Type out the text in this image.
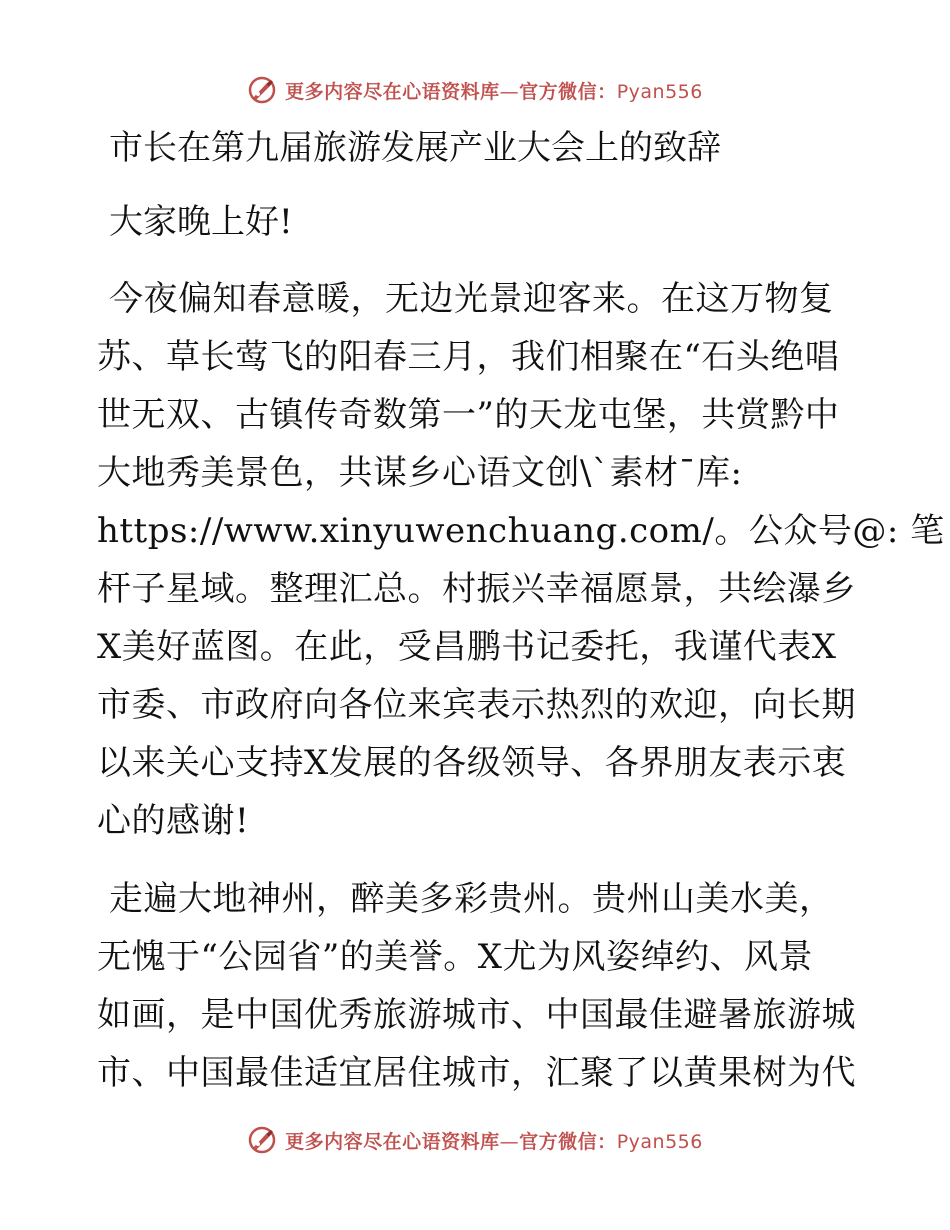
更多内容尽在心语资料库—官方微信：Pyan556
市长在第九届旅游发展产业大会上的致辞
大家晚上好!
今夜偏知春意暖，无边光景迎客来。在这万物复
苏、草长莺飞的阳春三月，我们相聚在“石头绝唱
世无双、古镇传奇数第一”的天龙屯堡，共赏黔中
大地秀美景色，共谋乡心语文创\`素材¯库:
https://www.xinyuwenchuang.com/。公众号@: 笔
杆子星域。整理汇总。村振兴幸福愿景，共绘瀑乡
X美好蓝图。在此，受昌鹏书记委托，我谨代表X
市委、市政府向各位来宾表示热烈的欢迎，向长期
以来关心支持X发展的各级领导、各界朋友表示衷
心的感谢!
走遍大地神州，醉美多彩贵州。贵州山美水美，
无愧于“公园省”的美誉。X尤为风姿绰约、风景
如画，是中国优秀旅游城市、中国最佳避暑旅游城
市、中国最佳适宜居住城市，汇聚了以黄果树为代
更多内容尽在心语资料库—官方微信：Pyan556
